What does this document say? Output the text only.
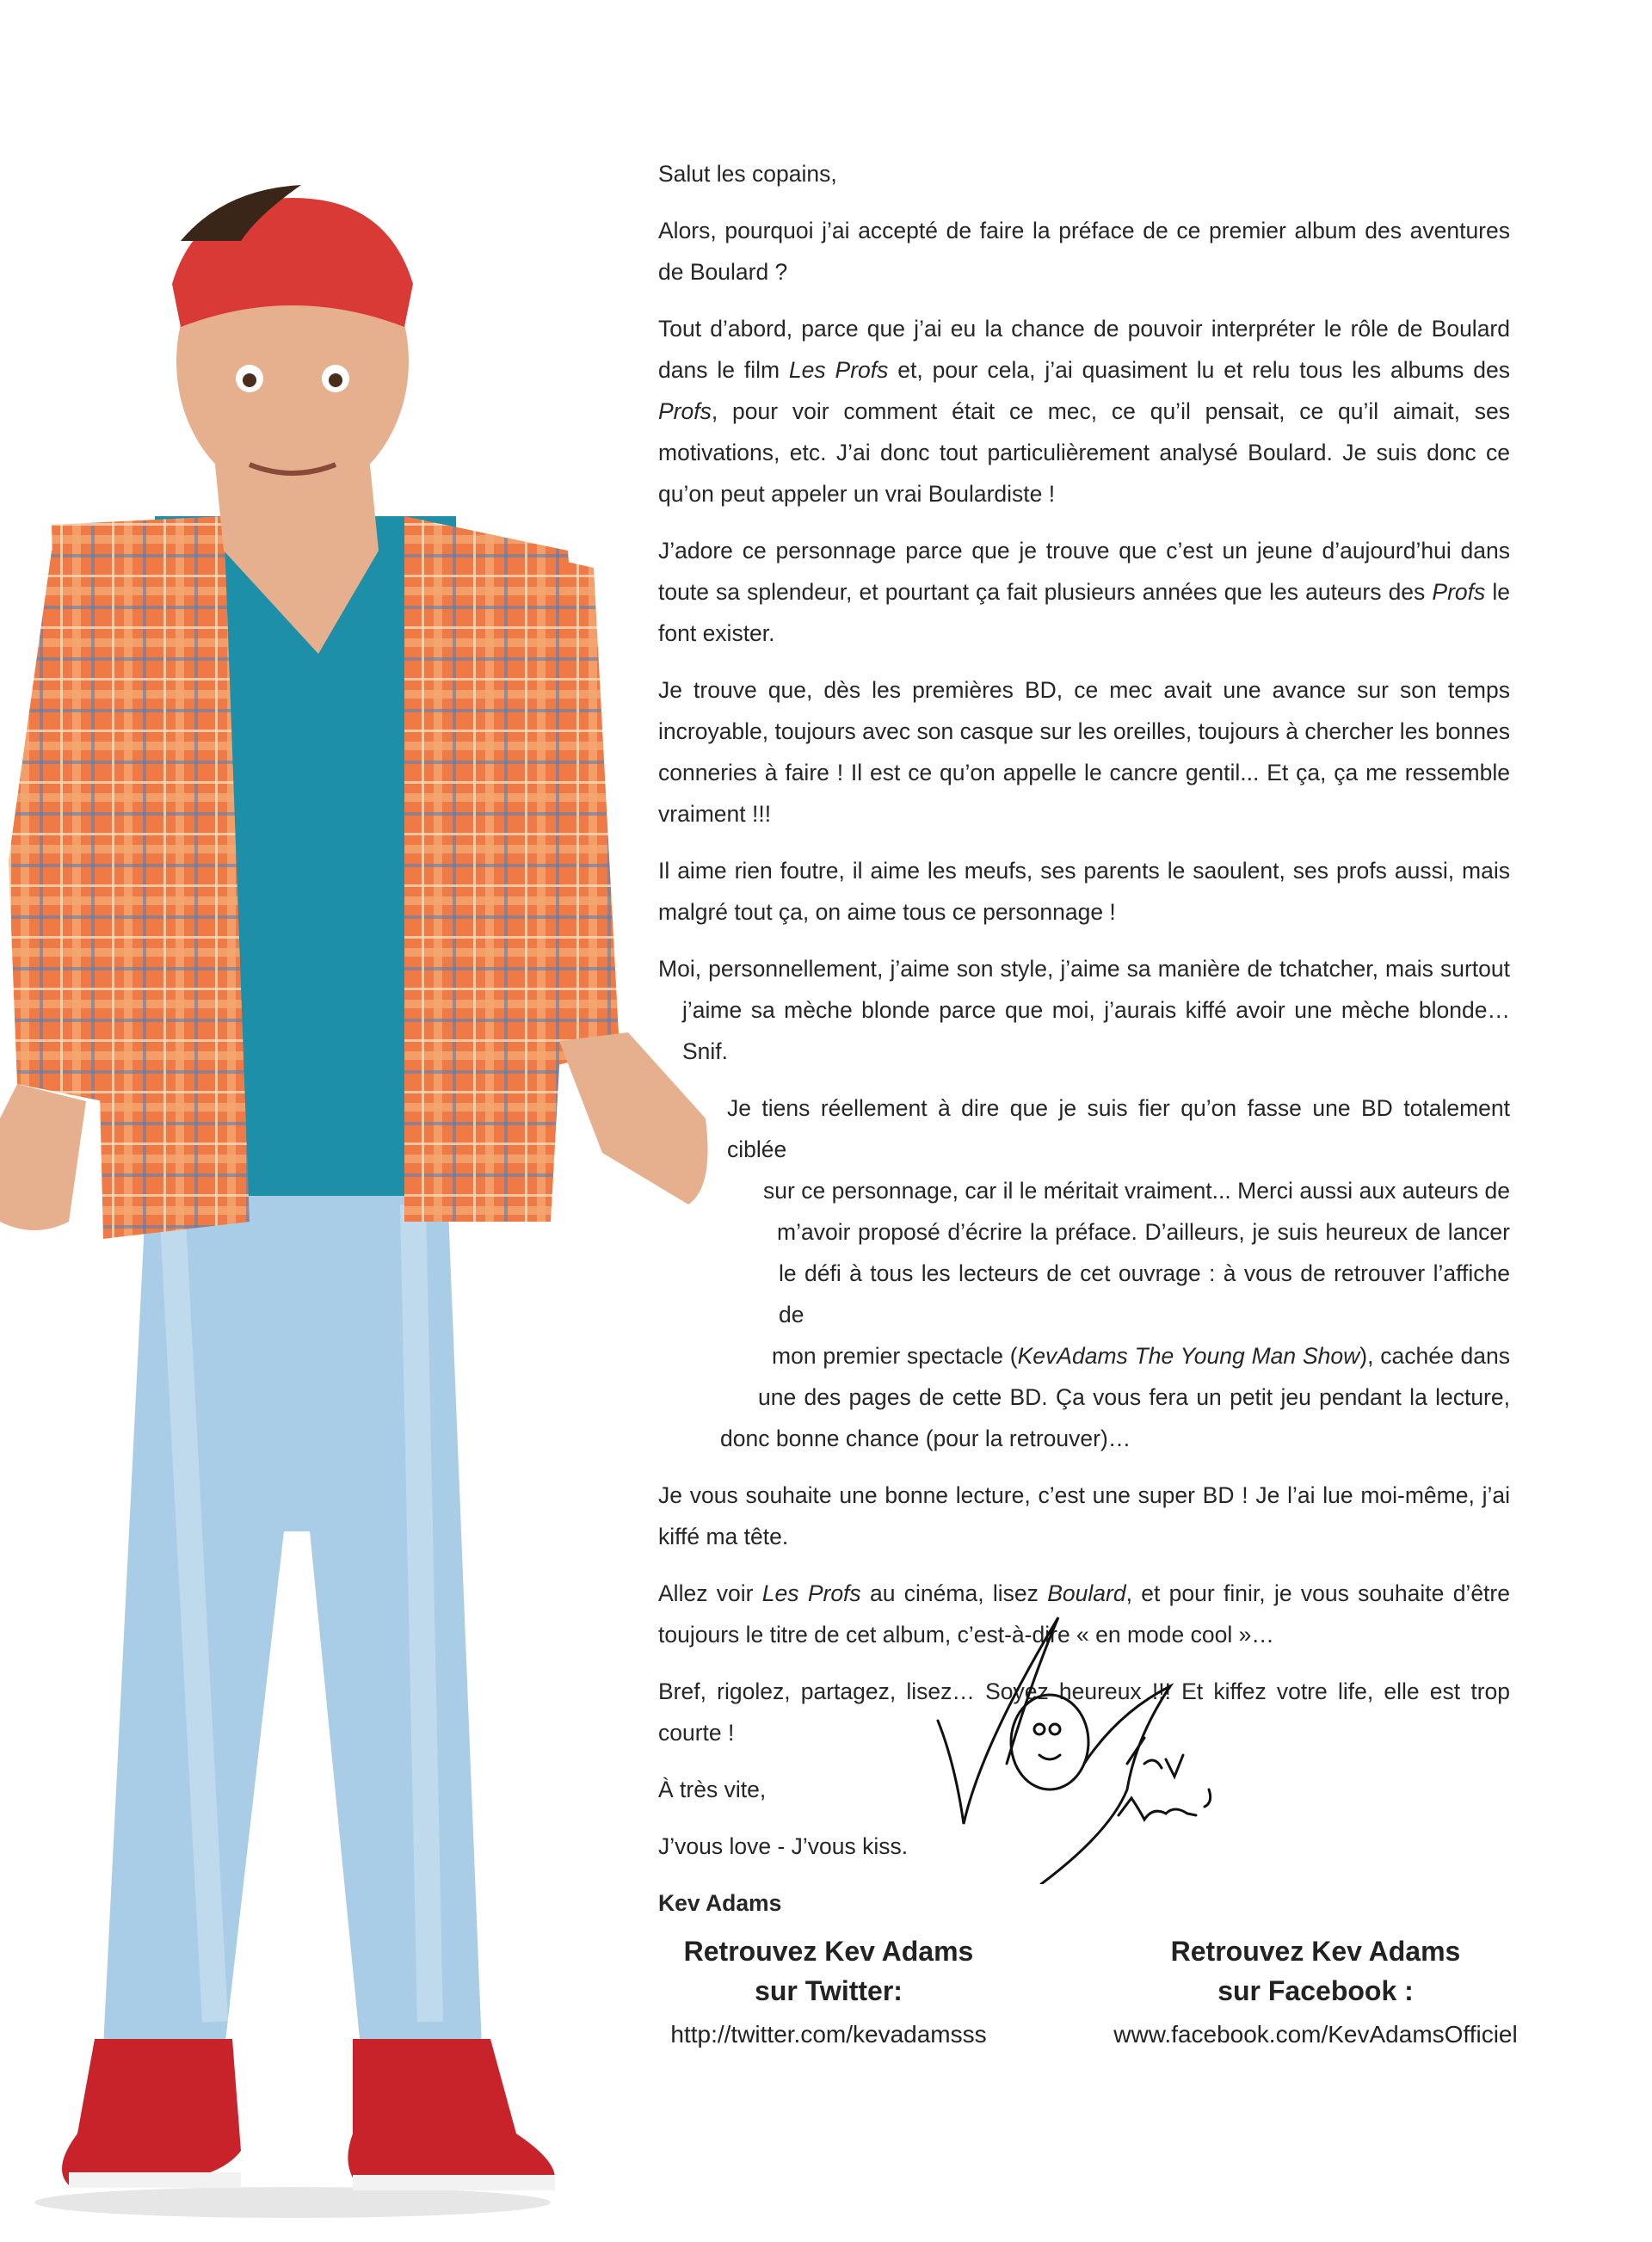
Salut les copains,

Alors, pourquoi j’ai accepté de faire la préface de ce premier album des aventures de Boulard ?

Tout d’abord, parce que j’ai eu la chance de pouvoir interpréter le rôle de Boulard dans le film Les Profs et, pour cela, j’ai quasiment lu et relu tous les albums des Profs, pour voir comment était ce mec, ce qu’il pensait, ce qu’il aimait, ses motivations, etc. J’ai donc tout particulièrement analysé Boulard. Je suis donc ce qu’on peut appeler un vrai Boulardiste !

J’adore ce personnage parce que je trouve que c’est un jeune d’aujourd’hui dans toute sa splendeur, et pourtant ça fait plusieurs années que les auteurs des Profs le font exister.

Je trouve que, dès les premières BD, ce mec avait une avance sur son temps incroyable, toujours avec son casque sur les oreilles, toujours à chercher les bonnes conneries à faire ! Il est ce qu’on appelle le cancre gentil... Et ça, ça me ressemble vraiment !!!

Il aime rien foutre, il aime les meufs, ses parents le saoulent, ses profs aussi, mais malgré tout ça, on aime tous ce personnage !

Moi, personnellement, j’aime son style, j’aime sa manière de tchatcher, mais surtout
j’aime sa mèche blonde parce que moi, j’aurais kiffé avoir une mèche blonde… Snif.

Je tiens réellement à dire que je suis fier qu’on fasse une BD totalement ciblée
sur ce personnage, car il le méritait vraiment... Merci aussi aux auteurs de
m’avoir proposé d’écrire la préface. D’ailleurs, je suis heureux de lancer
le défi à tous les lecteurs de cet ouvrage : à vous de retrouver l’affiche de
mon premier spectacle (KevAdams The Young Man Show), cachée dans
une des pages de cette BD. Ça vous fera un petit jeu pendant la lecture,
donc bonne chance (pour la retrouver)…

Je vous souhaite une bonne lecture, c’est une super BD ! Je l’ai lue moi-même, j’ai kiffé ma tête.

Allez voir Les Profs au cinéma, lisez Boulard, et pour finir, je vous souhaite d’être toujours le titre de cet album, c’est-à-dire « en mode cool »…

Bref, rigolez, partagez, lisez… Soyez heureux !!! Et kiffez votre life, elle est trop courte !

À très vite,

J’vous love - J’vous kiss.

Kev Adams

Retrouvez Kev Adams
sur Twitter:
http://twitter.com/kevadamsss
Retrouvez Kev Adams
sur Facebook :
www.facebook.com/KevAdamsOfficiel
